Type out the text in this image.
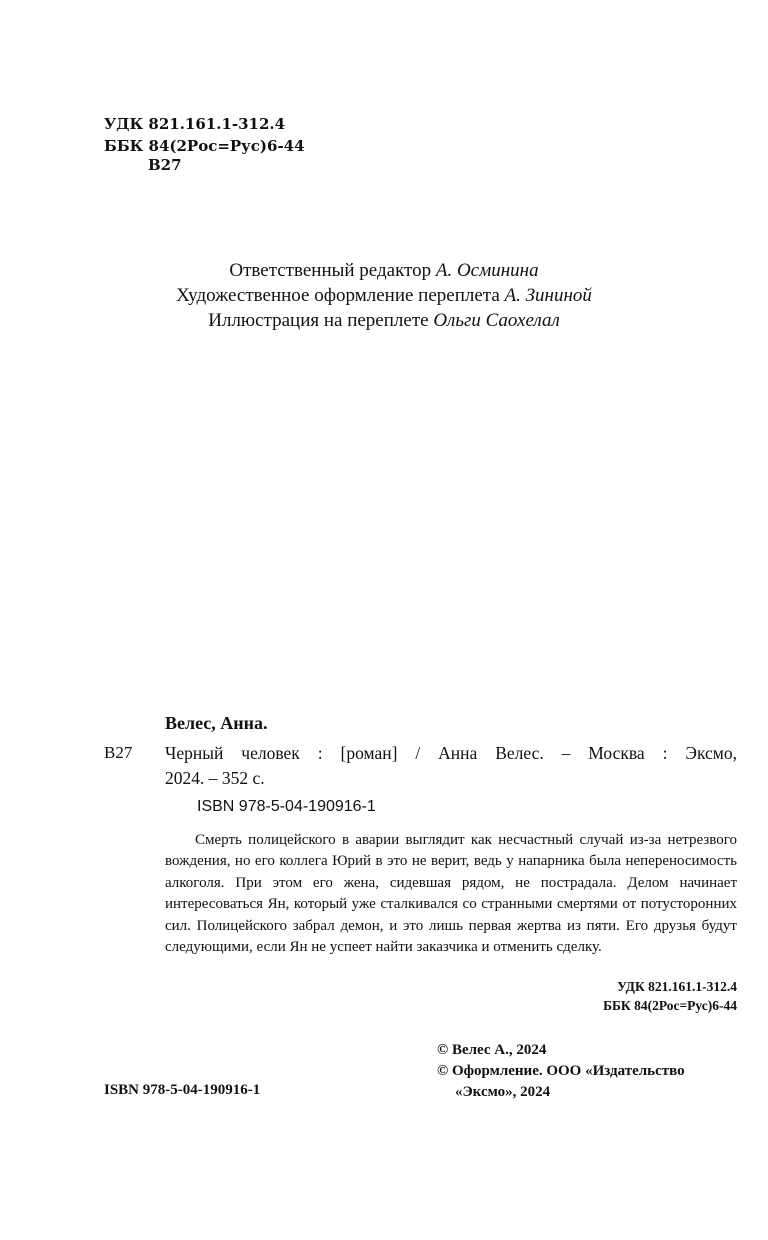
УДК 821.161.1-312.4
ББК 84(2Рос=Рус)6-44
В27
Ответственный редактор А. Осминина
Художественное оформление переплета А. Зининой
Иллюстрация на переплете Ольги Саохелал
Велес, Анна.
В27 Черный человек : [роман] / Анна Велес. – Москва : Эксмо,
2024. – 352 с.
ISBN 978-5-04-190916-1
Смерть полицейского в аварии выглядит как несчастный случай из-за нетрезвого вождения, но его коллега Юрий в это не верит, ведь у напарника была непереносимость алкоголя. При этом его жена, сидевшая рядом, не пострадала. Делом начинает интересоваться Ян, который уже сталкивался со странными смертями от потусторонних сил. Полицейского забрал демон, и это лишь первая жертва из пяти. Его друзья будут следующими, если Ян не успеет найти заказчика и отменить сделку.
УДК 821.161.1-312.4
ББК 84(2Рос=Рус)6-44
© Велес А., 2024
© Оформление. ООО «Издательство
«Эксмо», 2024
ISBN 978-5-04-190916-1
